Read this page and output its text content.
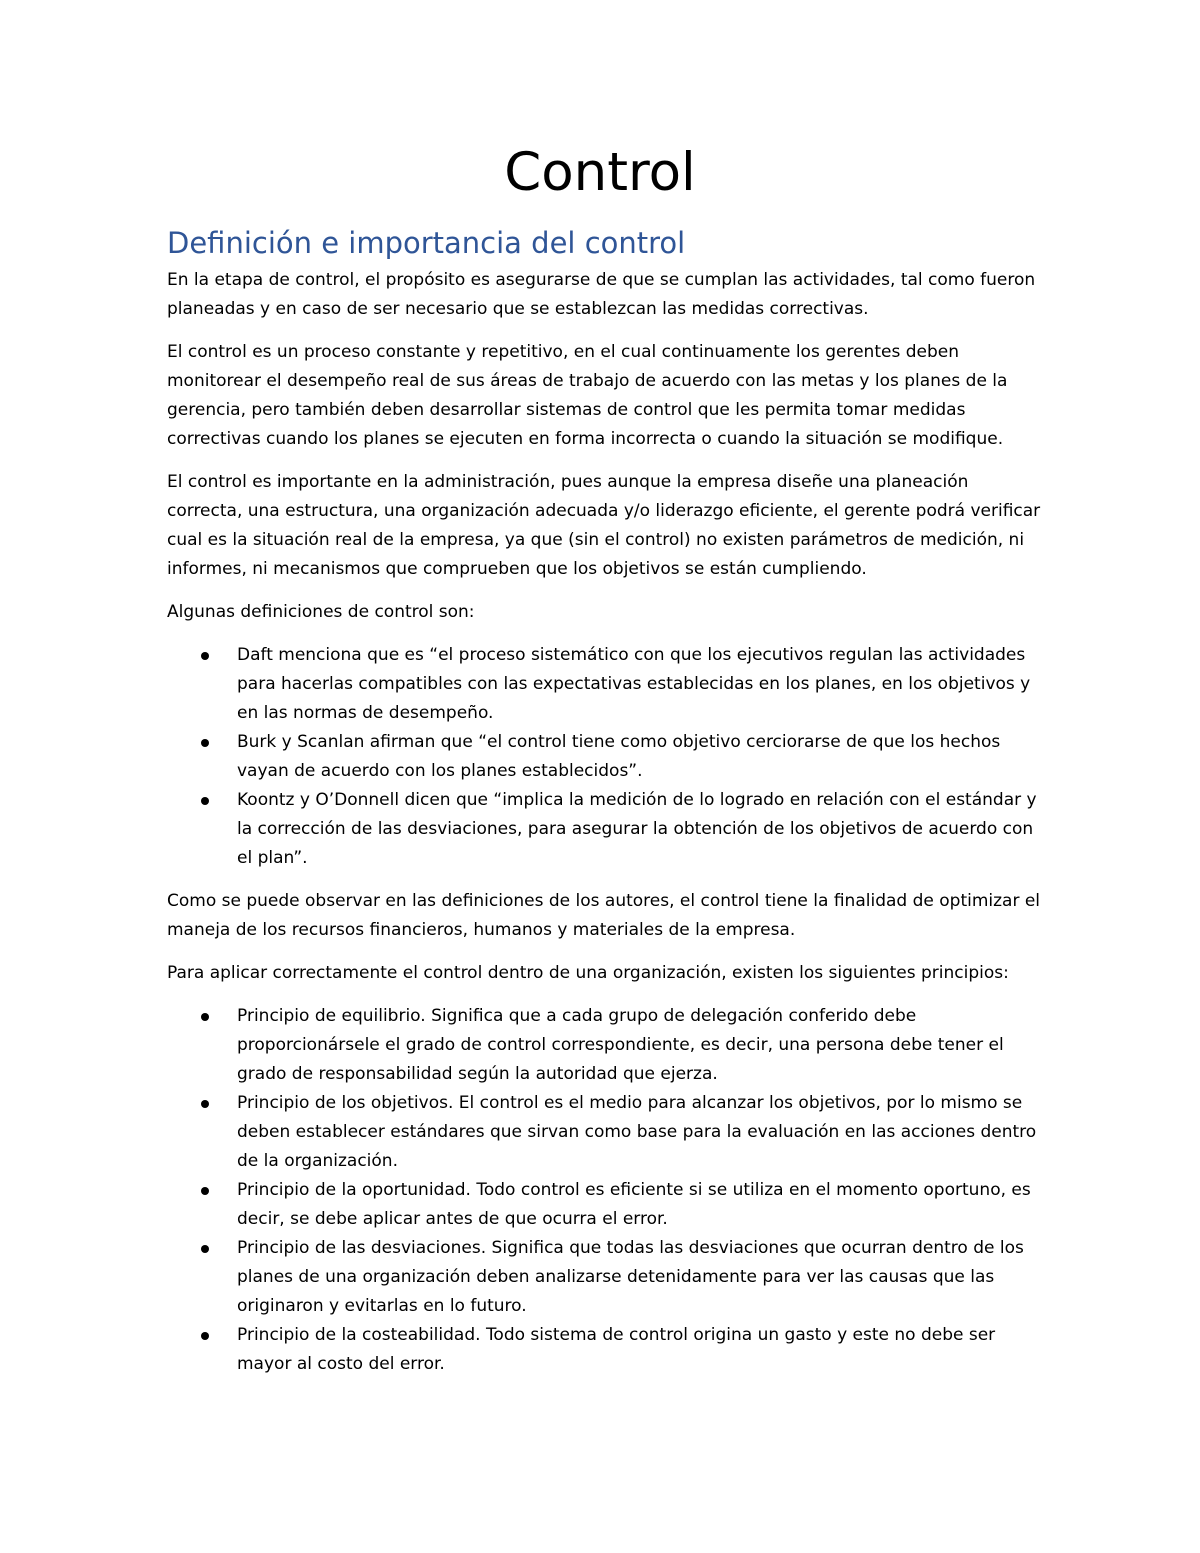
Control
Definición e importancia del control

En la etapa de control, el propósito es asegurarse de que se cumplan las actividades, tal como fueron planeadas y en caso de ser necesario que se establezcan las medidas correctivas.

El control es un proceso constante y repetitivo, en el cual continuamente los gerentes deben monitorear el desempeño real de sus áreas de trabajo de acuerdo con las metas y los planes de la gerencia, pero también deben desarrollar sistemas de control que les permita tomar medidas correctivas cuando los planes se ejecuten en forma incorrecta o cuando la situación se modifique.

El control es importante en la administración, pues aunque la empresa diseñe una planeación correcta, una estructura, una organización adecuada y/o liderazgo eficiente, el gerente podrá verificar cual es la situación real de la empresa, ya que (sin el control) no existen parámetros de medición, ni informes, ni mecanismos que comprueben que los objetivos se están cumpliendo.

Algunas definiciones de control son:

Daft menciona que es “el proceso sistemático con que los ejecutivos regulan las actividades para hacerlas compatibles con las expectativas establecidas en los planes, en los objetivos y en las normas de desempeño.
Burk y Scanlan afirman que “el control tiene como objetivo cerciorarse de que los hechos vayan de acuerdo con los planes establecidos”.
Koontz y O’Donnell dicen que “implica la medición de lo logrado en relación con el estándar y la corrección de las desviaciones, para asegurar la obtención de los objetivos de acuerdo con el plan”.

Como se puede observar en las definiciones de los autores, el control tiene la finalidad de optimizar el maneja de los recursos financieros, humanos y materiales de la empresa.

Para aplicar correctamente el control dentro de una organización, existen los siguientes principios:

Principio de equilibrio. Significa que a cada grupo de delegación conferido debe proporcionársele el grado de control correspondiente, es decir, una persona debe tener el grado de responsabilidad según la autoridad que ejerza.
Principio de los objetivos. El control es el medio para alcanzar los objetivos, por lo mismo se deben establecer estándares que sirvan como base para la evaluación en las acciones dentro de la organización.
Principio de la oportunidad. Todo control es eficiente si se utiliza en el momento oportuno, es decir, se debe aplicar antes de que ocurra el error.
Principio de las desviaciones. Significa que todas las desviaciones que ocurran dentro de los planes de una organización deben analizarse detenidamente para ver las causas que las originaron y evitarlas en lo futuro.
Principio de la costeabilidad. Todo sistema de control origina un gasto y este no debe ser mayor al costo del error.
